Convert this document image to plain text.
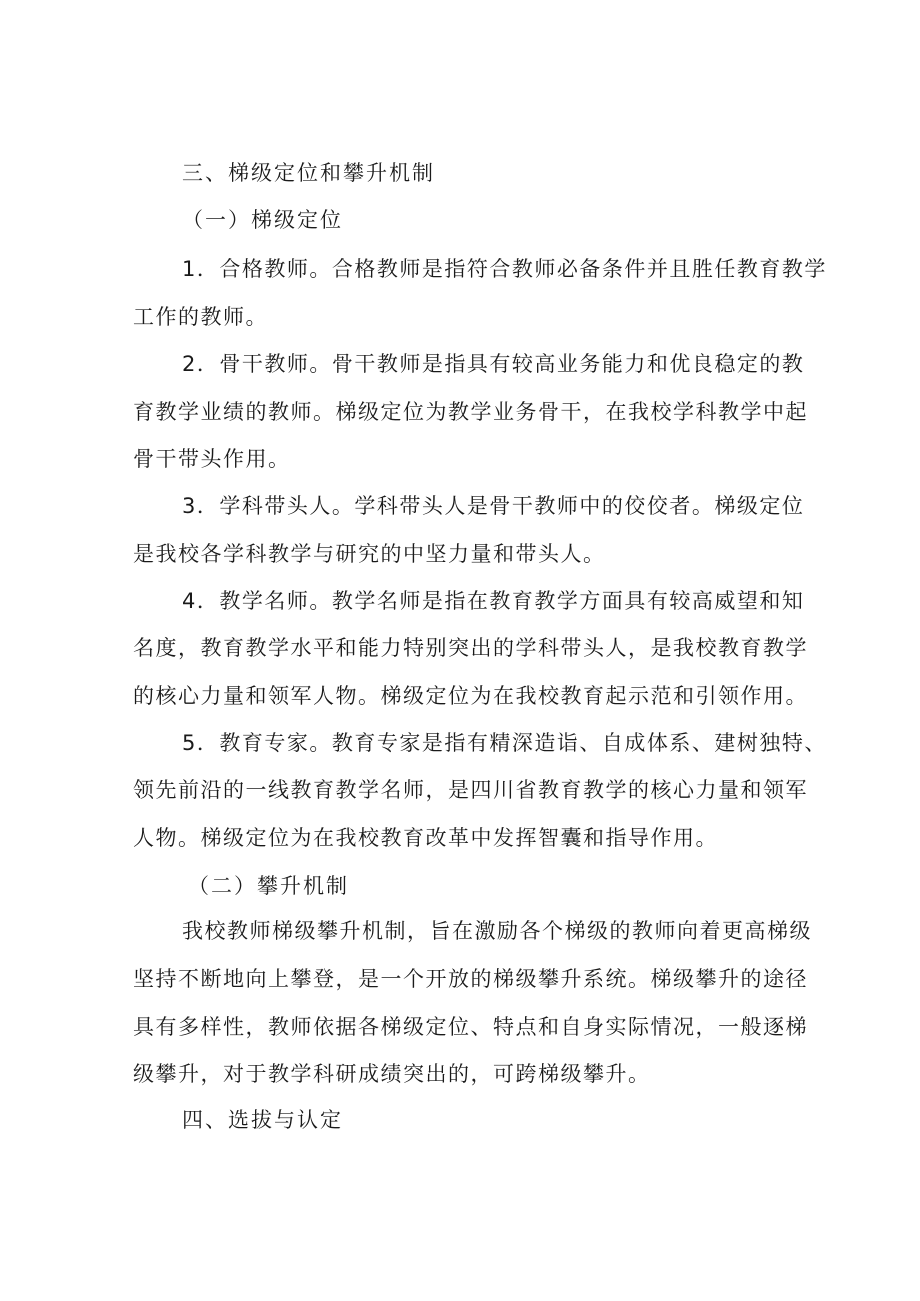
三、梯级定位和攀升机制
（一）梯级定位
1．合格教师。合格教师是指符合教师必备条件并且胜任教育教学
工作的教师。
2．骨干教师。骨干教师是指具有较高业务能力和优良稳定的教
育教学业绩的教师。梯级定位为教学业务骨干，在我校学科教学中起
骨干带头作用。
3．学科带头人。学科带头人是骨干教师中的佼佼者。梯级定位
是我校各学科教学与研究的中坚力量和带头人。
4．教学名师。教学名师是指在教育教学方面具有较高威望和知
名度，教育教学水平和能力特别突出的学科带头人，是我校教育教学
的核心力量和领军人物。梯级定位为在我校教育起示范和引领作用。
5．教育专家。教育专家是指有精深造诣、自成体系、建树独特、
领先前沿的一线教育教学名师，是四川省教育教学的核心力量和领军
人物。梯级定位为在我校教育改革中发挥智囊和指导作用。
（二）攀升机制
我校教师梯级攀升机制，旨在激励各个梯级的教师向着更高梯级
坚持不断地向上攀登，是一个开放的梯级攀升系统。梯级攀升的途径
具有多样性，教师依据各梯级定位、特点和自身实际情况，一般逐梯
级攀升，对于教学科研成绩突出的，可跨梯级攀升。
四、选拔与认定
